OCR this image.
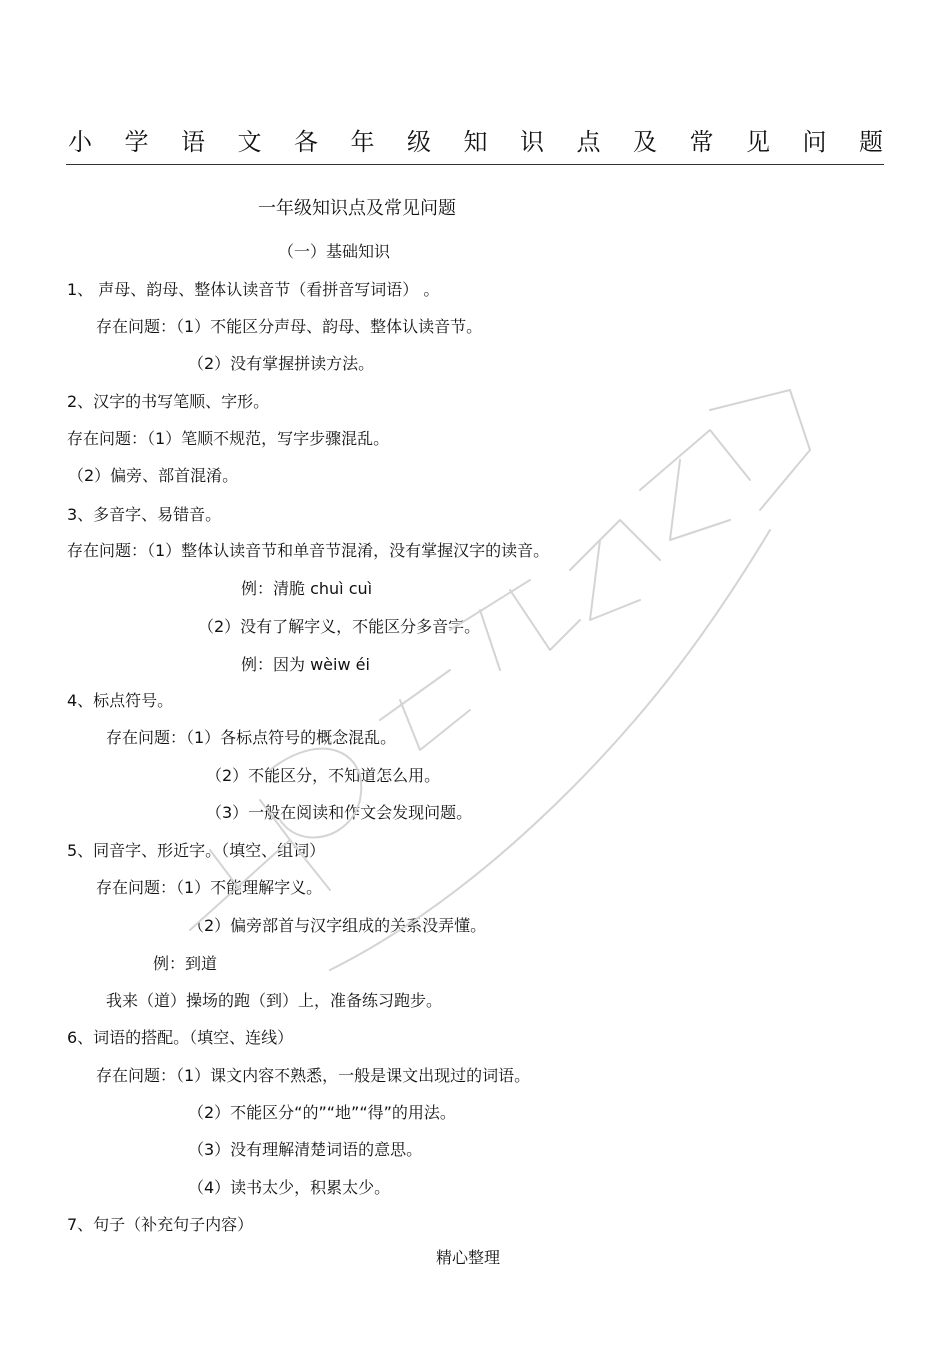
小 学 语 文 各 年 级 知 识 点 及 常 见 问 题
一年级知识点及常见问题
（一）基础知识
1、 声母、韵母、整体认读音节（看拼音写词语） 。
存在问题：（1）不能区分声母、韵母、整体认读音节。
（2）没有掌握拼读方法。
2、汉字的书写笔顺、字形。
存在问题：（1）笔顺不规范，写字步骤混乱。
（2）偏旁、部首混淆。
3、多音字、易错音。
存在问题：（1）整体认读音节和单音节混淆，没有掌握汉字的读音。
例：清脆 chuì cuì
（2）没有了解字义，不能区分多音字。
例：因为 wèiw éi
4、标点符号。
存在问题：（1）各标点符号的概念混乱。
（2）不能区分，不知道怎么用。
（3）一般在阅读和作文会发现问题。
5、同音字、形近字。（填空、组词）
存在问题：（1）不能理解字义。
（2）偏旁部首与汉字组成的关系没弄懂。
例：到道
我来（道）操场的跑（到）上，准备练习跑步。
6、词语的搭配。（填空、连线）
存在问题：（1）课文内容不熟悉，一般是课文出现过的词语。
（2）不能区分“的”“地”“得”的用法。
（3）没有理解清楚词语的意思。
（4）读书太少，积累太少。
7、句子（补充句子内容）
精心整理
